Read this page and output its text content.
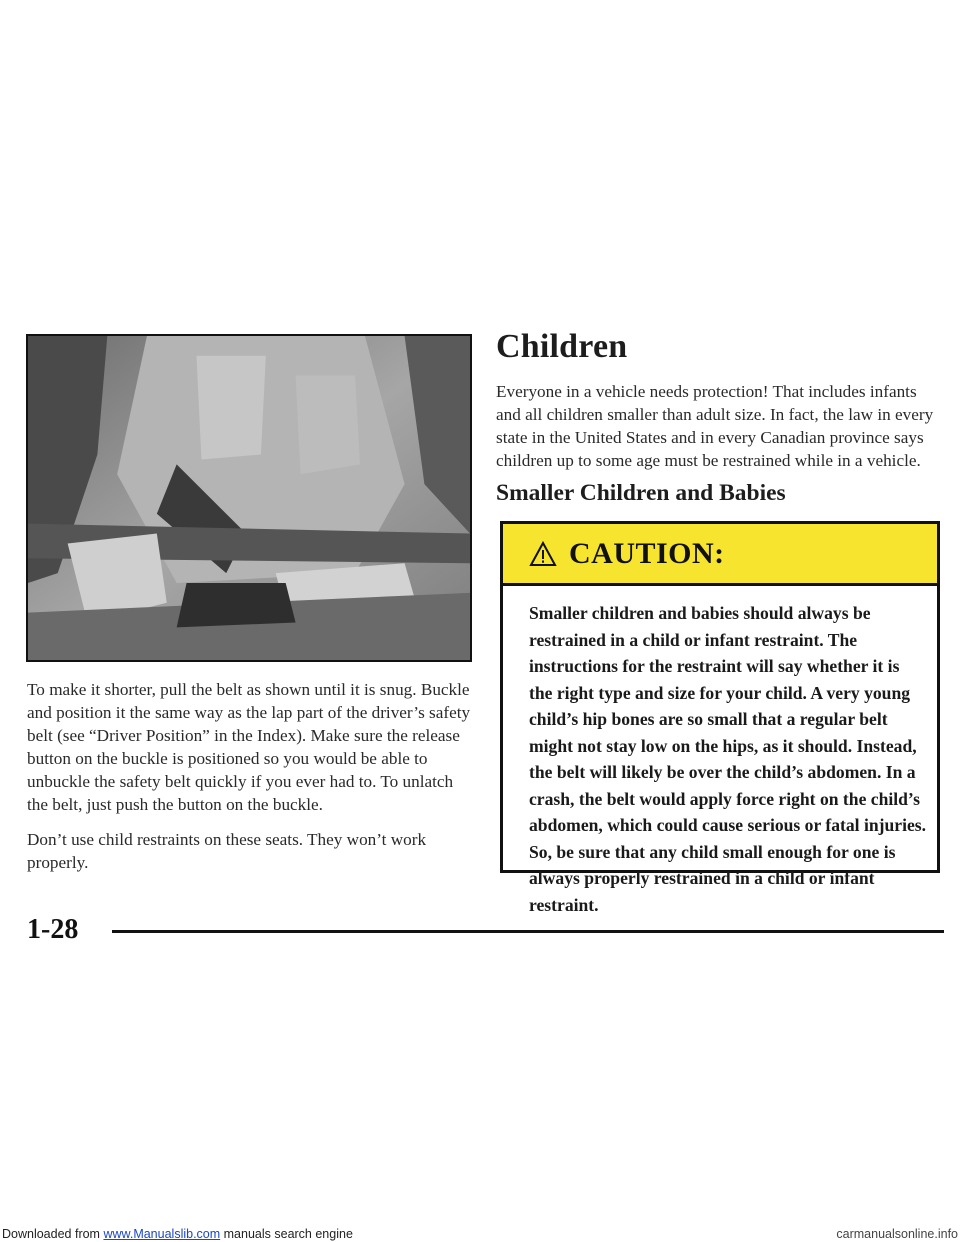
To make it shorter, pull the belt as shown until it is snug. Buckle and position it the same way as the lap part of the driver’s safety belt (see “Driver Position” in the Index). Make sure the release button on the buckle is positioned so you would be able to unbuckle the safety belt quickly if you ever had to. To unlatch the belt, just push the button on the buckle.

Don’t use child restraints on these seats. They won’t work properly.

Children

Everyone in a vehicle needs protection! That includes infants and all children smaller than adult size. In fact, the law in every state in the United States and in every Canadian province says children up to some age must be restrained while in a vehicle.

Smaller Children and Babies
CAUTION:

Smaller children and babies should always be restrained in a child or infant restraint. The instructions for the restraint will say whether it is the right type and size for your child. A very young child’s hip bones are so small that a regular belt might not stay low on the hips, as it should. Instead, the belt will likely be over the child’s abdomen. In a crash, the belt would apply force right on the child’s abdomen, which could cause serious or fatal injuries. So, be sure that any child small enough for one is always properly restrained in a child or infant restraint.

1-28
Downloaded from www.Manualslib.com manuals search engine	carmanualsonline.info
